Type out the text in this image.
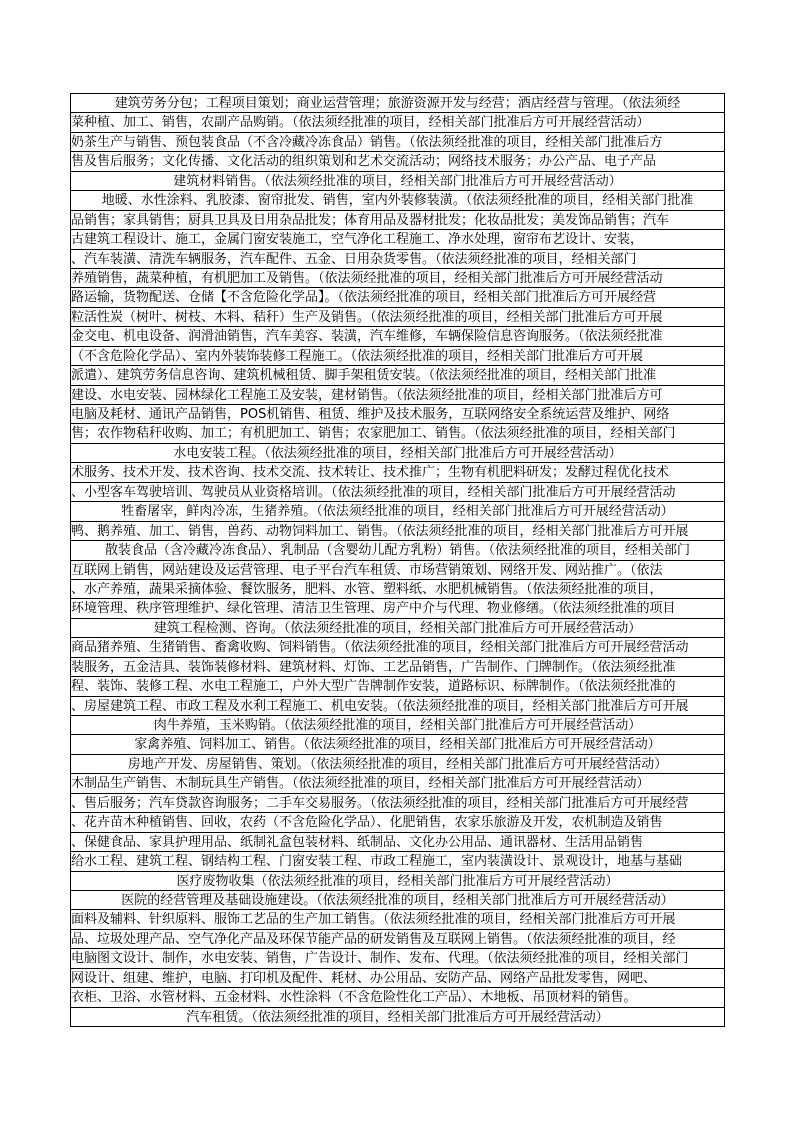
建筑劳务分包；工程项目策划；商业运营管理；旅游资源开发与经营；酒店经营与管理。（依法须经
菜种植、加工、销售，农副产品购销。（依法须经批准的项目，经相关部门批准后方可开展经营活动）
奶茶生产与销售、预包装食品（不含冷藏冷冻食品）销售。（依法须经批准的项目，经相关部门批准后方
售及售后服务；文化传播、文化活动的组织策划和艺术交流活动；网络技术服务；办公产品、电子产品
建筑材料销售。（依法须经批准的项目，经相关部门批准后方可开展经营活动）
地暖、水性涂料、乳胶漆、窗帘批发、销售，室内外装修装潢。（依法须经批准的项目，经相关部门批准
品销售；家具销售；厨具卫具及日用杂品批发；体育用品及器材批发；化妆品批发；美发饰品销售；汽车
古建筑工程设计、施工，金属门窗安装施工，空气净化工程施工、净水处理，窗帘布艺设计、安装，
、汽车装潢、清洗车辆服务，汽车配件、五金、日用杂货零售。（依法须经批准的项目，经相关部门
养殖销售，蔬菜种植，有机肥加工及销售。（依法须经批准的项目，经相关部门批准后方可开展经营活动
路运输，货物配送、仓储【不含危险化学品】。（依法须经批准的项目，经相关部门批准后方可开展经营
粒活性炭（树叶、树枝、木料、秸秆）生产及销售。（依法须经批准的项目，经相关部门批准后方可开展
金交电、机电设备、润滑油销售，汽车美容、装潢，汽车维修，车辆保险信息咨询服务。（依法须经批准
（不含危险化学品）、室内外装饰装修工程施工。（依法须经批准的项目，经相关部门批准后方可开展
派遣）、建筑劳务信息咨询、建筑机械租赁、脚手架租赁安装。（依法须经批准的项目，经相关部门批准
建设、水电安装、园林绿化工程施工及安装，建材销售。（依法须经批准的项目，经相关部门批准后方可
电脑及耗材、通讯产品销售，POS机销售、租赁、维护及技术服务，互联网络安全系统运营及维护、网络
售；农作物秸秆收购、加工；有机肥加工、销售；农家肥加工、销售。（依法须经批准的项目，经相关部门
水电安装工程。（依法须经批准的项目，经相关部门批准后方可开展经营活动）
术服务、技术开发、技术咨询、技术交流、技术转让、技术推广；生物有机肥料研发；发酵过程优化技术
、小型客车驾驶培训、驾驶员从业资格培训。（依法须经批准的项目，经相关部门批准后方可开展经营活动
牲畜屠宰，鲜肉冷冻，生猪养殖。（依法须经批准的项目，经相关部门批准后方可开展经营活动）
鸭、鹅养殖、加工、销售，兽药、动物饲料加工、销售。（依法须经批准的项目，经相关部门批准后方可开展
散装食品（含冷藏冷冻食品）、乳制品（含婴幼儿配方乳粉）销售。（依法须经批准的项目，经相关部门
互联网上销售，网站建设及运营管理、电子平台汽车租赁、市场营销策划、网络开发、网站推广。（依法
、水产养殖，蔬果采摘体验、餐饮服务，肥料、水管、塑料纸、水肥机械销售。（依法须经批准的项目，
环境管理、秩序管理维护、绿化管理、清洁卫生管理、房产中介与代理、物业修缮。（依法须经批准的项目
建筑工程检测、咨询。（依法须经批准的项目，经相关部门批准后方可开展经营活动）
商品猪养殖、生猪销售、畜禽收购、饲料销售。（依法须经批准的项目，经相关部门批准后方可开展经营活动
装服务，五金洁具、装饰装修材料、建筑材料、灯饰、工艺品销售，广告制作、门牌制作。（依法须经批准
程、装饰、装修工程、水电工程施工，户外大型广告牌制作安装，道路标识、标牌制作。（依法须经批准的
、房屋建筑工程、市政工程及水利工程施工、机电安装。（依法须经批准的项目，经相关部门批准后方可开展
肉牛养殖，玉米购销。（依法须经批准的项目，经相关部门批准后方可开展经营活动）
家禽养殖、饲料加工、销售。（依法须经批准的项目，经相关部门批准后方可开展经营活动）
房地产开发、房屋销售、策划。（依法须经批准的项目，经相关部门批准后方可开展经营活动）
木制品生产销售、木制玩具生产销售。（依法须经批准的项目，经相关部门批准后方可开展经营活动）
、售后服务；汽车贷款咨询服务；二手车交易服务。（依法须经批准的项目，经相关部门批准后方可开展经营
、花卉苗木种植销售、回收，农药（不含危险化学品）、化肥销售，农家乐旅游及开发，农机制造及销售
、保健食品、家具护理用品、纸制礼盒包装材料、纸制品、文化办公用品、通讯器材、生活用品销售
给水工程、建筑工程、钢结构工程、门窗安装工程、市政工程施工，室内装潢设计、景观设计，地基与基础
医疗废物收集（依法须经批准的项目，经相关部门批准后方可开展经营活动）
医院的经营管理及基础设施建设。（依法须经批准的项目，经相关部门批准后方可开展经营活动）
面料及辅料、针织原料、服饰工艺品的生产加工销售。（依法须经批准的项目，经相关部门批准后方可开展
品、垃圾处理产品、空气净化产品及环保节能产品的研发销售及互联网上销售。（依法须经批准的项目，经
电脑图文设计、制作，水电安装、销售，广告设计、制作、发布、代理。（依法须经批准的项目，经相关部门
网设计、组建、维护，电脑、打印机及配件、耗材、办公用品、安防产品、网络产品批发零售，网吧、
衣柜、卫浴、水管材料、五金材料、水性涂料（不含危险性化工产品）、木地板、吊顶材料的销售。
汽车租赁。（依法须经批准的项目，经相关部门批准后方可开展经营活动）
